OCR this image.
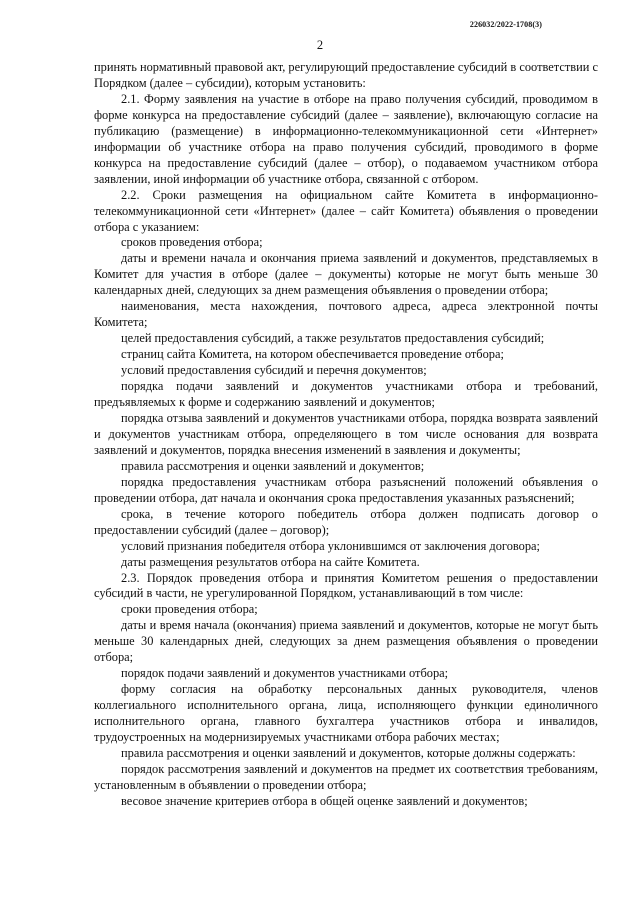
226032/2022-1708(3)
2

принять нормативный правовой акт, регулирующий предоставление субсидий в соответствии с Порядком (далее – субсидии), которым установить:

2.1. Форму заявления на участие в отборе на право получения субсидий, проводимом в форме конкурса на предоставление субсидий (далее – заявление), включающую согласие на публикацию (размещение) в информационно-телекоммуникационной сети «Интернет» информации об участнике отбора на право получения субсидий, проводимого в форме конкурса на предоставление субсидий (далее – отбор), о подаваемом участником отбора заявлении, иной информации об участнике отбора, связанной с отбором.

2.2. Сроки размещения на официальном сайте Комитета в информационно-телекоммуникационной сети «Интернет» (далее – сайт Комитета) объявления о проведении отбора с указанием:

сроков проведения отбора;

даты и времени начала и окончания приема заявлений и документов, представляемых в Комитет для участия в отборе (далее – документы) которые не могут быть меньше 30 календарных дней, следующих за днем размещения объявления о проведении отбора;

наименования, места нахождения, почтового адреса, адреса электронной почты Комитета;

целей предоставления субсидий, а также результатов предоставления субсидий;

страниц сайта Комитета, на котором обеспечивается проведение отбора;

условий предоставления субсидий и перечня документов;

порядка подачи заявлений и документов участниками отбора и требований, предъявляемых к форме и содержанию заявлений и документов;

порядка отзыва заявлений и документов участниками отбора, порядка возврата заявлений и документов участникам отбора, определяющего в том числе основания для возврата заявлений и документов, порядка внесения изменений в заявления и документы;

правила рассмотрения и оценки заявлений и документов;

порядка предоставления участникам отбора разъяснений положений объявления о проведении отбора, дат начала и окончания срока предоставления указанных разъяснений;

срока, в течение которого победитель отбора должен подписать договор о предоставлении субсидий (далее – договор);

условий признания победителя отбора уклонившимся от заключения договора;

даты размещения результатов отбора на сайте Комитета.

2.3. Порядок проведения отбора и принятия Комитетом решения о предоставлении субсидий в части, не урегулированной Порядком, устанавливающий в том числе:

сроки проведения отбора;

даты и время начала (окончания) приема заявлений и документов, которые не могут быть меньше 30 календарных дней, следующих за днем размещения объявления о проведении отбора;

порядок подачи заявлений и документов участниками отбора;

форму согласия на обработку персональных данных руководителя, членов коллегиального исполнительного органа, лица, исполняющего функции единоличного исполнительного органа, главного бухгалтера участников отбора и инвалидов, трудоустроенных на модернизируемых участниками отбора рабочих местах;

правила рассмотрения и оценки заявлений и документов, которые должны содержать:

порядок рассмотрения заявлений и документов на предмет их соответствия требованиям, установленным в объявлении о проведении отбора;

весовое значение критериев отбора в общей оценке заявлений и документов;
